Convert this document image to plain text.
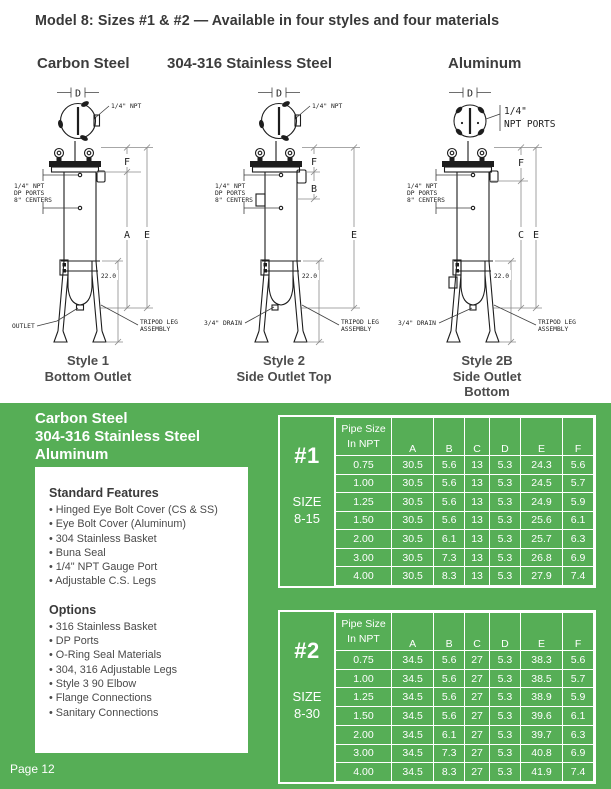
Model 8: Sizes #1 & #2 — Available in four styles and four materials
Carbon Steel 304-316 Stainless Steel	Aluminum
D
1/4" NPT
1/4" NPT
DP PORTS
8" CENTERS
F
A E
22.0
OUTLET
TRIPOD LEG
ASSEMBLY
D
1/4" NPT
1/4" NPT
DP PORTS
8" CENTERS
F
B
E
22.0
3/4" DRAIN	TRIPOD LEG
ASSEMBLY
D
1/4"
NPT PORTS
1/4" NPT
DP PORTS
8" CENTERS
F
C E
22.0
3/4" DRAIN	TRIPOD LEG
ASSEMBLY
Style 1
Bottom Outlet
Style 2
Side Outlet Top
Style 2B
Side Outlet
Bottom
Carbon Steel
304-316 Stainless Steel
Aluminum
Standard Features
• Hinged Eye Bolt Cover (CS & SS)
• Eye Bolt Cover (Aluminum)
• 304 Stainless Basket
• Buna Seal
• 1/4" NPT Gauge Port
• Adjustable C.S. Legs
Options
• 316 Stainless Basket
• DP Ports
• O-Ring Seal Materials
• 304, 316 Adjustable Legs
• Style 3 90 Elbow
• Flange Connections
• Sanitary Connections
Page 12
#1
SIZE
8-15
Pipe Size
In NPT	A	B	C	D	E	F
0.75	30.5	5.6	13	5.3	24.3	5.6
1.00	30.5	5.6	13	5.3	24.5	5.7
1.25	30.5	5.6	13	5.3	24.9	5.9
1.50	30.5	5.6	13	5.3	25.6	6.1
2.00	30.5	6.1	13	5.3	25.7	6.3
3.00	30.5	7.3	13	5.3	26.8	6.9
4.00	30.5	8.3	13	5.3	27.9	7.4
#2
SIZE
8-30
Pipe Size
In NPT	A	B	C	D	E	F
0.75	34.5	5.6	27	5.3	38.3	5.6
1.00	34.5	5.6	27	5.3	38.5	5.7
1.25	34.5	5.6	27	5.3	38.9	5.9
1.50	34.5	5.6	27	5.3	39.6	6.1
2.00	34.5	6.1	27	5.3	39.7	6.3
3.00	34.5	7.3	27	5.3	40.8	6.9
4.00	34.5	8.3	27	5.3	41.9	7.4
